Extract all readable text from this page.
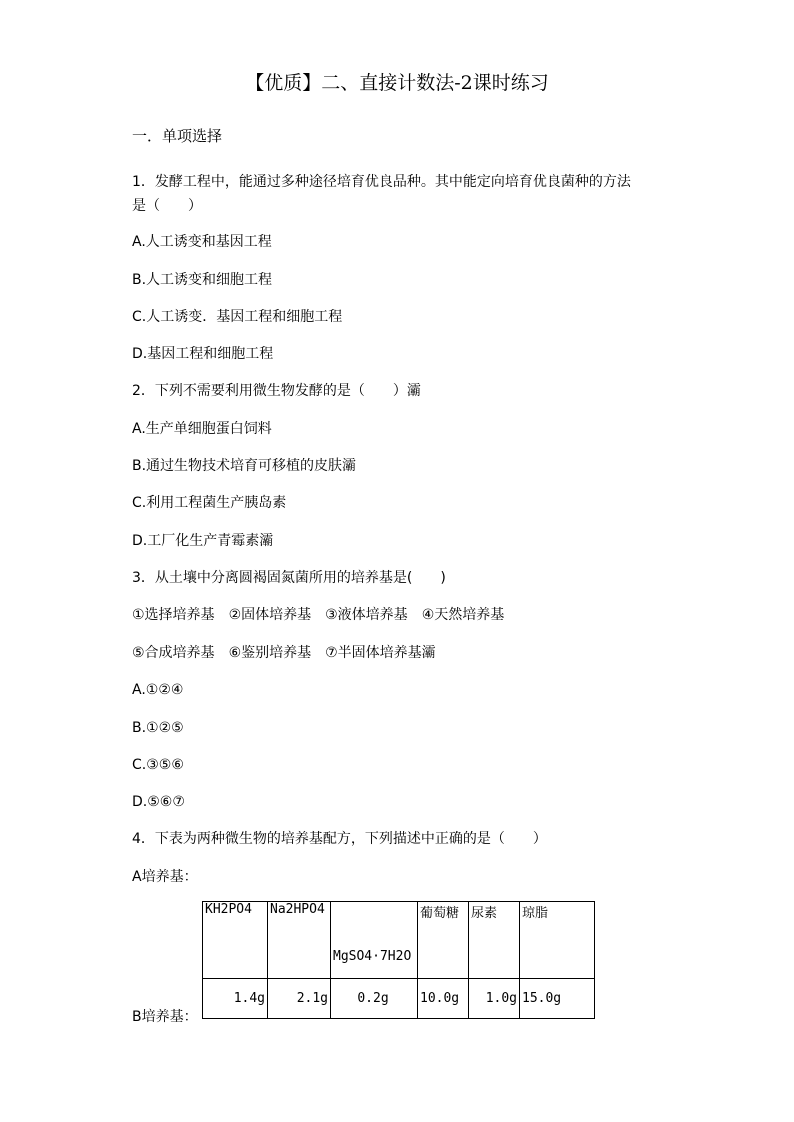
【优质】二、直接计数法-2课时练习
一．单项选择
1．发酵工程中，能通过多种途径培育优良品种。其中能定向培育优良菌种的方法
是（　　）
A.人工诱变和基因工程
B.人工诱变和细胞工程
C.人工诱变．基因工程和细胞工程
D.基因工程和细胞工程
2．下列不需要利用微生物发酵的是（　　）灞
A.生产单细胞蛋白饲料
B.通过生物技术培育可移植的皮肤灞
C.利用工程菌生产胰岛素
D.工厂化生产青霉素灞
3．从土壤中分离圆褐固氮菌所用的培养基是(　　)
①选择培养基 ②固体培养基 ③液体培养基 ④天然培养基
⑤合成培养基 ⑥鉴别培养基 ⑦半固体培养基灞
A.①②④
B.①②⑤
C.③⑤⑥
D.⑤⑥⑦
4．下表为两种微生物的培养基配方，下列描述中正确的是（　　）
A培养基：
KH2PO4	Na2HPO4	MgSO4·7H2O	葡萄糖	尿素	琼脂
1.4g	2.1g	0.2g	10.0g	1.0g	15.0g
B培养基：
